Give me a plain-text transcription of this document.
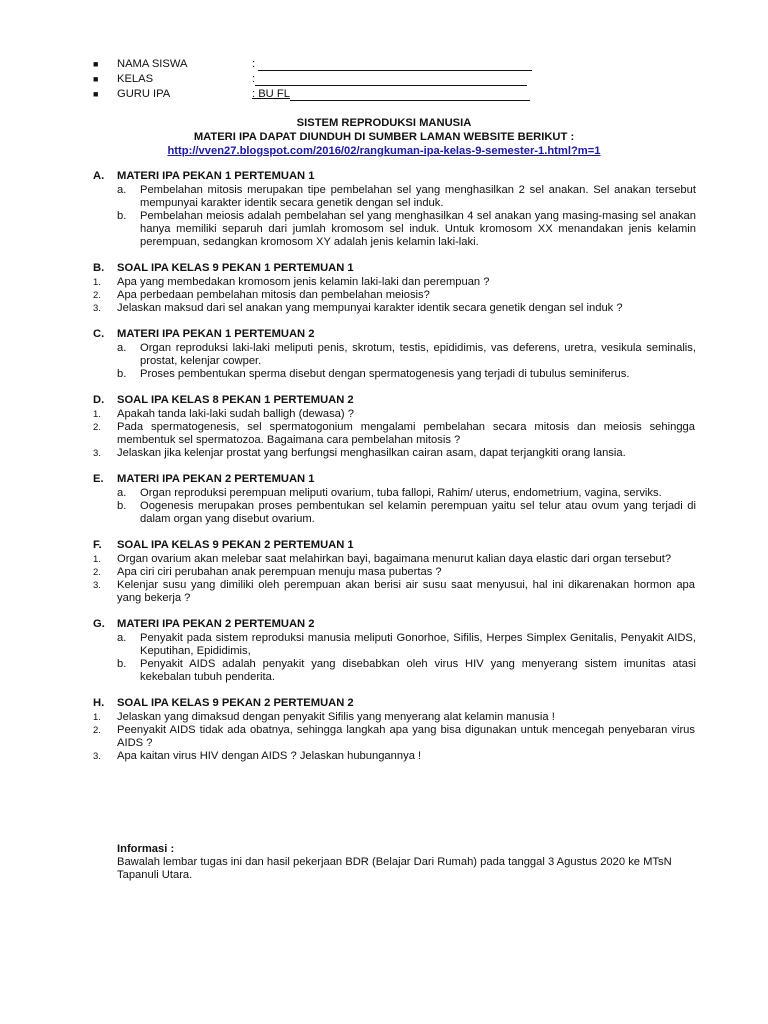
■ NAMA SISWA	:
■ KELAS	:
■ GURU IPA	: BU FL
SISTEM REPRODUKSI MANUSIA
MATERI IPA DAPAT DIUNDUH DI SUMBER LAMAN WEBSITE BERIKUT :
http://vven27.blogspot.com/2016/02/rangkuman-ipa-kelas-9-semester-1.html?m=1
A. MATERI IPA PEKAN 1 PERTEMUAN 1
a. Pembelahan mitosis merupakan tipe pembelahan sel yang menghasilkan 2 sel anakan. Sel anakan tersebut mempunyai karakter identik secara genetik dengan sel induk.
b. Pembelahan meiosis adalah pembelahan sel yang menghasilkan 4 sel anakan yang masing-masing sel anakan hanya memiliki separuh dari jumlah kromosom sel induk. Untuk kromosom XX menandakan jenis kelamin perempuan, sedangkan kromosom XY adalah jenis kelamin laki-laki.
B. SOAL IPA KELAS 9 PEKAN 1 PERTEMUAN 1
1. Apa yang membedakan kromosom jenis kelamin laki-laki dan perempuan ?
2. Apa perbedaan pembelahan mitosis dan pembelahan meiosis?
3. Jelaskan maksud dari sel anakan yang mempunyai karakter identik secara genetik dengan sel induk ?
C. MATERI IPA PEKAN 1 PERTEMUAN 2
a. Organ reproduksi laki-laki meliputi penis, skrotum, testis, epididimis, vas deferens, uretra, vesikula seminalis, prostat, kelenjar cowper.
b. Proses pembentukan sperma disebut dengan spermatogenesis yang terjadi di tubulus seminiferus.
D. SOAL IPA KELAS 8 PEKAN 1 PERTEMUAN 2
1. Apakah tanda laki-laki sudah balligh (dewasa) ?
2. Pada spermatogenesis, sel spermatogonium mengalami pembelahan secara mitosis dan meiosis sehingga membentuk sel spermatozoa. Bagaimana cara pembelahan mitosis ?
3. Jelaskan jika kelenjar prostat yang berfungsi menghasilkan cairan asam, dapat terjangkiti orang lansia.
E. MATERI IPA PEKAN 2 PERTEMUAN 1
a. Organ reproduksi perempuan meliputi ovarium, tuba fallopi, Rahim/ uterus, endometrium, vagina, serviks.
b. Oogenesis merupakan proses pembentukan sel kelamin perempuan yaitu sel telur atau ovum yang terjadi di dalam organ yang disebut ovarium.
F. SOAL IPA KELAS 9 PEKAN 2 PERTEMUAN 1
1. Organ ovarium akan melebar saat melahirkan bayi, bagaimana menurut kalian daya elastic dari organ tersebut?
2. Apa ciri ciri perubahan anak perempuan menuju masa pubertas ?
3. Kelenjar susu yang dimiliki oleh perempuan akan berisi air susu saat menyusui, hal ini dikarenakan hormon apa yang bekerja ?
G. MATERI IPA PEKAN 2 PERTEMUAN 2
a. Penyakit pada sistem reproduksi manusia meliputi Gonorhoe, Sifilis, Herpes Simplex Genitalis, Penyakit AIDS, Keputihan, Epididimis,
b. Penyakit AIDS adalah penyakit yang disebabkan oleh virus HIV yang menyerang sistem imunitas atasi kekebalan tubuh penderita.
H. SOAL IPA KELAS 9 PEKAN 2 PERTEMUAN 2
1. Jelaskan yang dimaksud dengan penyakit Sifilis yang menyerang alat kelamin manusia !
2. Peenyakit AIDS tidak ada obatnya, sehingga langkah apa yang bisa digunakan untuk mencegah penyebaran virus AIDS ?
3. Apa kaitan virus HIV dengan AIDS ? Jelaskan hubungannya !
Informasi :
Bawalah lembar tugas ini dan hasil pekerjaan BDR (Belajar Dari Rumah) pada tanggal 3 Agustus 2020 ke MTsN Tapanuli Utara.
